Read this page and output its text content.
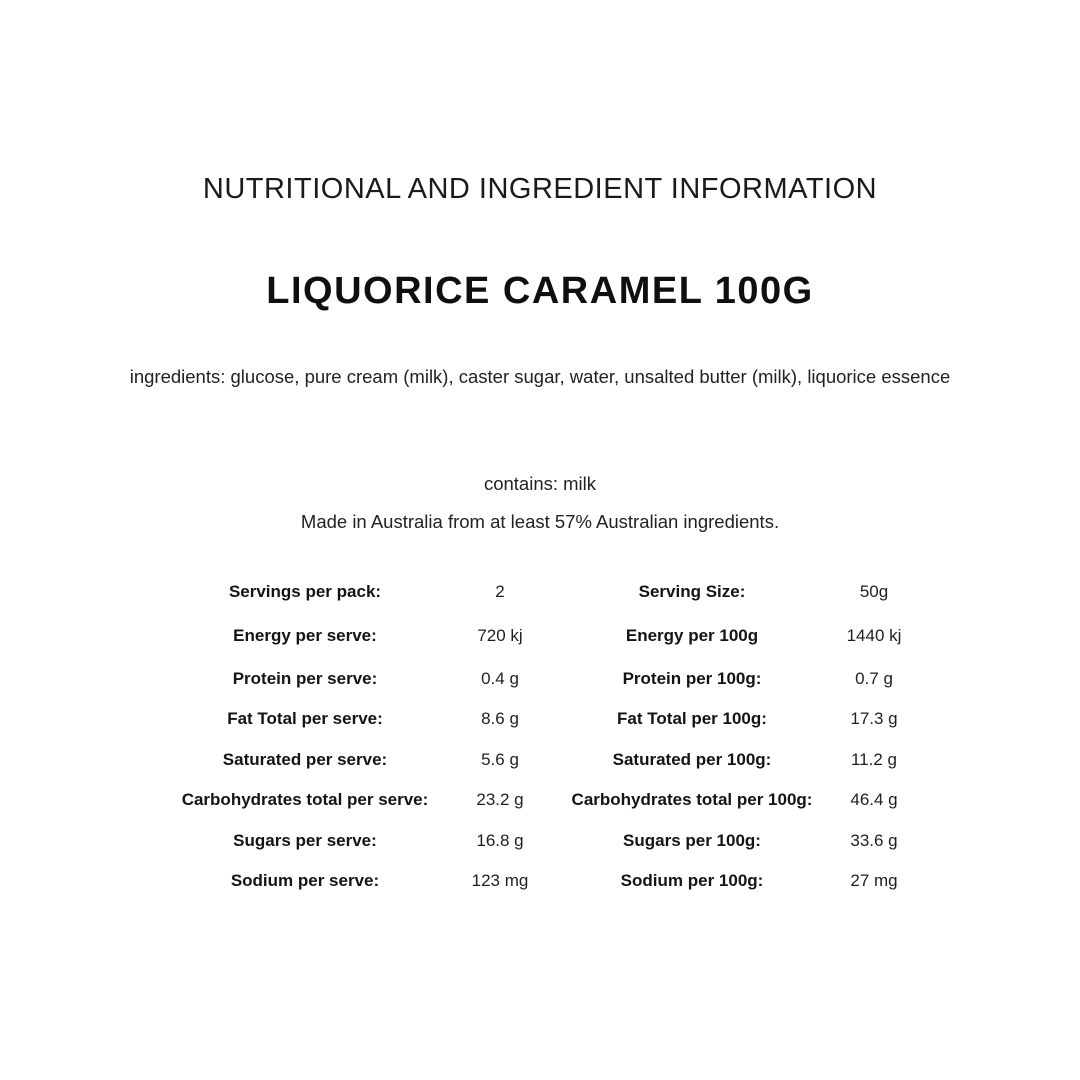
NUTRITIONAL AND INGREDIENT INFORMATION
LIQUORICE CARAMEL 100G
ingredients: glucose, pure cream (milk), caster sugar, water, unsalted butter (milk), liquorice essence
contains: milk
Made in Australia from at least 57% Australian ingredients.
Servings per pack:	2	Serving Size:	50g
Energy per serve:	720 kj	Energy per 100g	1440 kj
Protein per serve:	0.4 g	Protein per 100g:	0.7 g
Fat Total per serve:	8.6 g	Fat Total per 100g:	17.3 g
Saturated per serve:	5.6 g	Saturated per 100g:	11.2 g
Carbohydrates total per serve:	23.2 g	Carbohydrates total per 100g:	46.4 g
Sugars per serve:	16.8 g	Sugars per 100g:	33.6 g
Sodium per serve:	123 mg	Sodium per 100g:	27 mg
